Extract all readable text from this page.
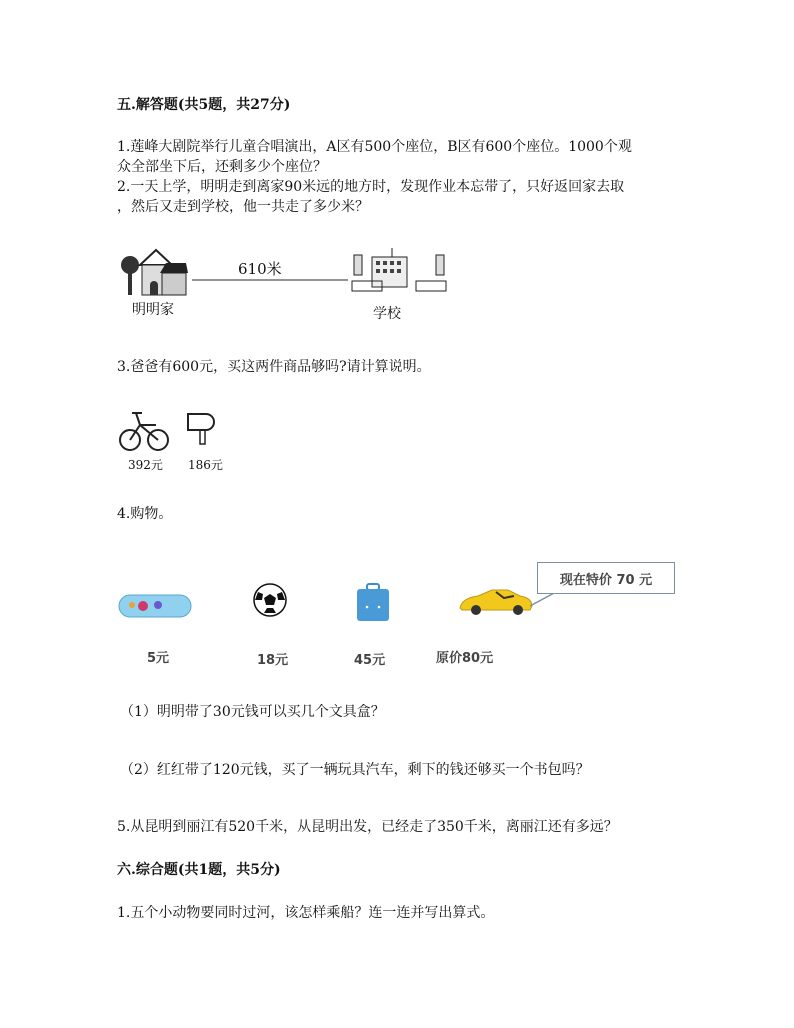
五.解答题(共5题，共27分)
1.莲峰大剧院举行儿童合唱演出，A区有500个座位，B区有600个座位。1000个观
众全部坐下后，还剩多少个座位？
2.一天上学，明明走到离家90米远的地方时，发现作业本忘带了，只好返回家去取
，然后又走到学校，他一共走了多少米？
610米
明明家	学校
3.爸爸有600元，买这两件商品够吗?请计算说明。
392元 186元
4.购物。
现在特价 70 元
5元	18元	45元	原价80元
（1）明明带了30元钱可以买几个文具盒？
（2）红红带了120元钱，买了一辆玩具汽车，剩下的钱还够买一个书包吗？
5.从昆明到丽江有520千米，从昆明出发，已经走了350千米，离丽江还有多远？
六.综合题(共1题，共5分)
1.五个小动物要同时过河，该怎样乘船？连一连并写出算式。
